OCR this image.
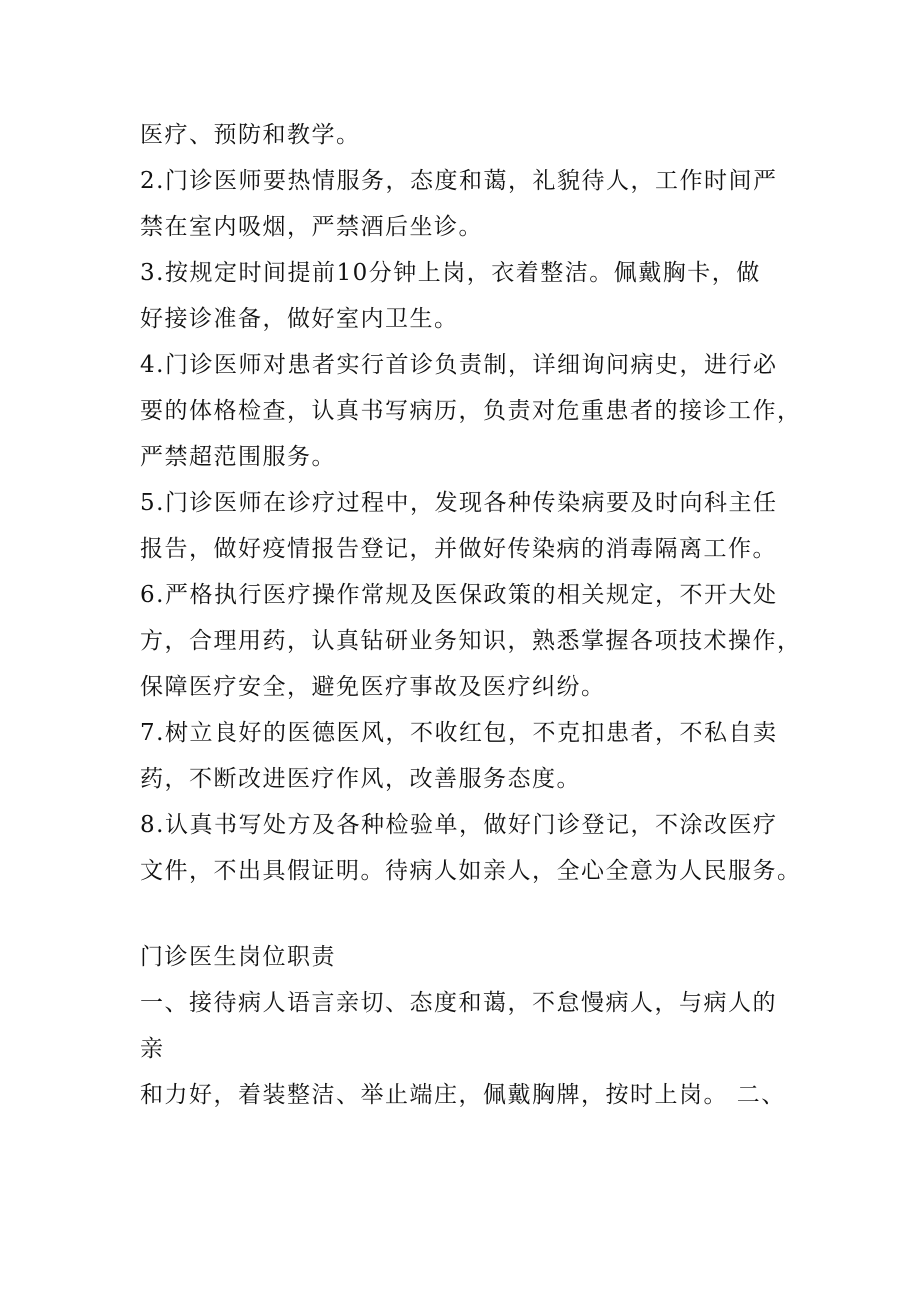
医疗、预防和教学。
2.门诊医师要热情服务，态度和蔼，礼貌待人，工作时间严
禁在室内吸烟，严禁酒后坐诊。
3.按规定时间提前10分钟上岗，衣着整洁。佩戴胸卡，做
好接诊准备，做好室内卫生。
4.门诊医师对患者实行首诊负责制，详细询问病史，进行必
要的体格检查，认真书写病历，负责对危重患者的接诊工作，
严禁超范围服务。
5.门诊医师在诊疗过程中，发现各种传染病要及时向科主任
报告，做好疫情报告登记，并做好传染病的消毒隔离工作。
6.严格执行医疗操作常规及医保政策的相关规定，不开大处
方，合理用药，认真钻研业务知识，熟悉掌握各项技术操作，
保障医疗安全，避免医疗事故及医疗纠纷。
7.树立良好的医德医风，不收红包，不克扣患者，不私自卖
药，不断改进医疗作风，改善服务态度。
8.认真书写处方及各种检验单，做好门诊登记，不涂改医疗
文件，不出具假证明。待病人如亲人，全心全意为人民服务。
门诊医生岗位职责
一、接待病人语言亲切、态度和蔼，不怠慢病人，与病人的
亲
和力好，着装整洁、举止端庄，佩戴胸牌，按时上岗。 二、
